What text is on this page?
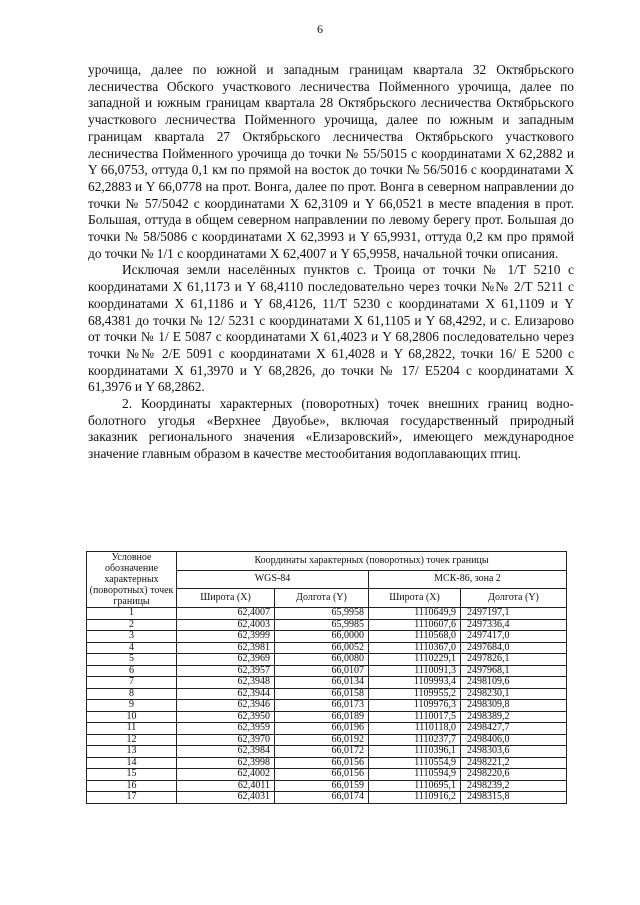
6

урочища, далее по южной и западным границам квартала 32 Октябрьского лесничества Обского участкового лесничества Пойменного урочища, далее по западной и южным границам квартала 28 Октябрьского лесничества Октябрьского участкового лесничества Пойменного урочища, далее по южным и западным границам квартала 27 Октябрьского лесничества Октябрьского участкового лесничества Пойменного урочища до точки № 55/5015 с координатами Х 62,2882 и Y 66,0753, оттуда 0,1 км по прямой на восток до точки № 56/5016 с координатами Х 62,2883 и Y 66,0778 на прот. Вонга, далее по прот. Вонга в северном направлении до точки № 57/5042 с координатами Х 62,3109 и Y 66,0521 в месте впадения в прот. Большая, оттуда в общем северном направлении по левому берегу прот. Большая до точки № 58/5086 с координатами Х 62,3993 и Y 65,9931, оттуда 0,2 км про прямой до точки № 1/1 с координатами Х 62,4007 и Y 65,9958, начальной точки описания.

Исключая земли населённых пунктов с. Троица от точки № 1/Т 5210 с координатами Х 61,1173 и Y 68,4110 последовательно через точки №№ 2/Т 5211 с координатами Х 61,1186 и Y 68,4126, 11/Т 5230 с координатами Х 61,1109 и Y 68,4381 до точки № 12/ 5231 с координатами Х 61,1105 и Y 68,4292, и с. Елизарово от точки № 1/ Е 5087 с координатами Х 61,4023 и Y 68,2806 последовательно через точки №№ 2/Е 5091 с координатами Х 61,4028 и Y 68,2822, точки 16/ Е 5200 с координатами Х 61,3970 и Y 68,2826, до точки № 17/ Е5204 с координатами Х 61,3976 и Y 68,2862.

2. Координаты характерных (поворотных) точек внешних границ водно-болотного угодья «Верхнее Двуобье», включая государственный природный заказник регионального значения «Елизаровский», имеющего международное значение главным образом в качестве местообитания водоплавающих птиц.

Условное обозначение характерных (поворотных) точек границы	Координаты характерных (поворотных) точек границы			
	WGS-84		МСК-86, зона 2	
	Широта (Х)	Долгота (Y)	Широта (Х)	Долгота (Y)
1	62,4007	65,9958	1110649,9	2497197,1
2	62,4003	65,9985	1110607,6	2497336,4
3	62,3999	66,0000	1110568,0	2497417,0
4	62,3981	66,0052	1110367,0	2497684,0
5	62,3969	66,0080	1110229,1	2497826,1
6	62,3957	66,0107	1110091,3	2497968,1
7	62,3948	66,0134	1109993,4	2498109,6
8	62,3944	66,0158	1109955,2	2498230,1
9	62,3946	66,0173	1109976,3	2498309,8
10	62,3950	66,0189	1110017,5	2498389,2
11	62,3959	66,0196	1110118,0	2498427,7
12	62,3970	66,0192	1110237,7	2498406,0
13	62,3984	66,0172	1110396,1	2498303,6
14	62,3998	66,0156	1110554,9	2498221,2
15	62,4002	66,0156	1110594,9	2498220,6
16	62,4011	66,0159	1110695,1	2498239,2
17	62,4031	66,0174	1110916,2	2498315,8
